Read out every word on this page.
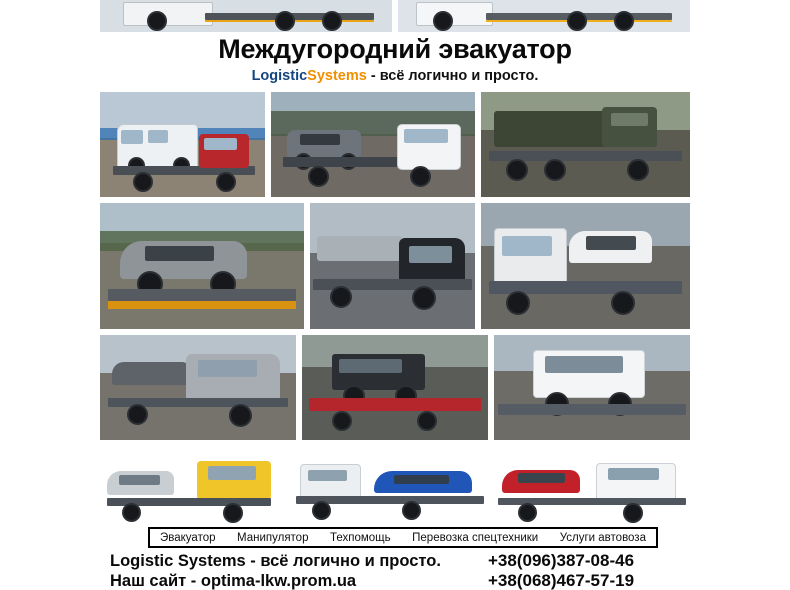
Междугородний эвакуатор
LogisticSystems - всё логично и просто.
Эвакуатор Манипулятор Техпомощь Перевозка спецтехники Услуги автовоза
Logistic Systems - всё логично и просто.
Наш сайт - optima-lkw.prom.ua
+38(096)387-08-46
+38(068)467-57-19
